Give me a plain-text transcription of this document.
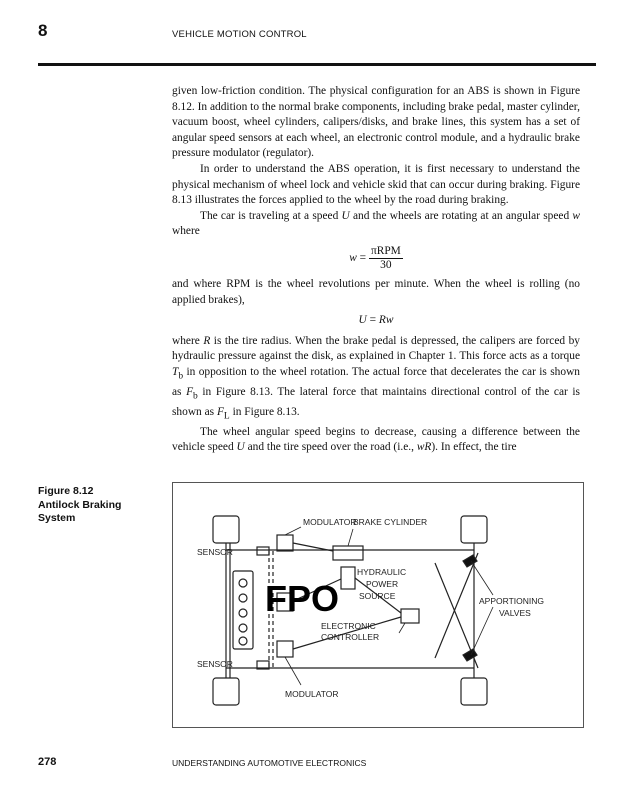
8	VEHICLE MOTION CONTROL

given low-friction condition. The physical configuration for an ABS is shown in Figure 8.12. In addition to the normal brake components, including brake pedal, master cylinder, vacuum boost, wheel cylinders, calipers/disks, and brake lines, this system has a set of angular speed sensors at each wheel, an electronic control module, and a hydraulic brake pressure modulator (regulator).

In order to understand the ABS operation, it is first necessary to understand the physical mechanism of wheel lock and vehicle skid that can occur during braking. Figure 8.13 illustrates the forces applied to the wheel by the road during braking.

The car is traveling at a speed U and the wheels are rotating at an angular speed w where

$w = \frac{\text{πRPM}}{30}$

and where RPM is the wheel revolutions per minute. When the wheel is rolling (no applied brakes),

U = Rw

where R is the tire radius. When the brake pedal is depressed, the calipers are forced by hydraulic pressure against the disk, as explained in Chapter 1. This force acts as a torque $T_b$ in opposition to the wheel rotation. The actual force that decelerates the car is shown as $F_b$ in Figure 8.13. The lateral force that maintains directional control of the car is shown as $F_L$ in Figure 8.13.

The wheel angular speed begins to decrease, causing a difference between the vehicle speed U and the tire speed over the road (i.e., wR). In effect, the tire

Figure 8.12
Antilock Braking
System	MODULATOR
BRAKE CYLINDER
SENSOR
HYDRAULIC
POWER
SOURCE	APPORTIONING
VALVES
ELECTRONIC
CONTROLLER
SENSOR
MODULATOR
FPO
278	UNDERSTANDING AUTOMOTIVE ELECTRONICS
